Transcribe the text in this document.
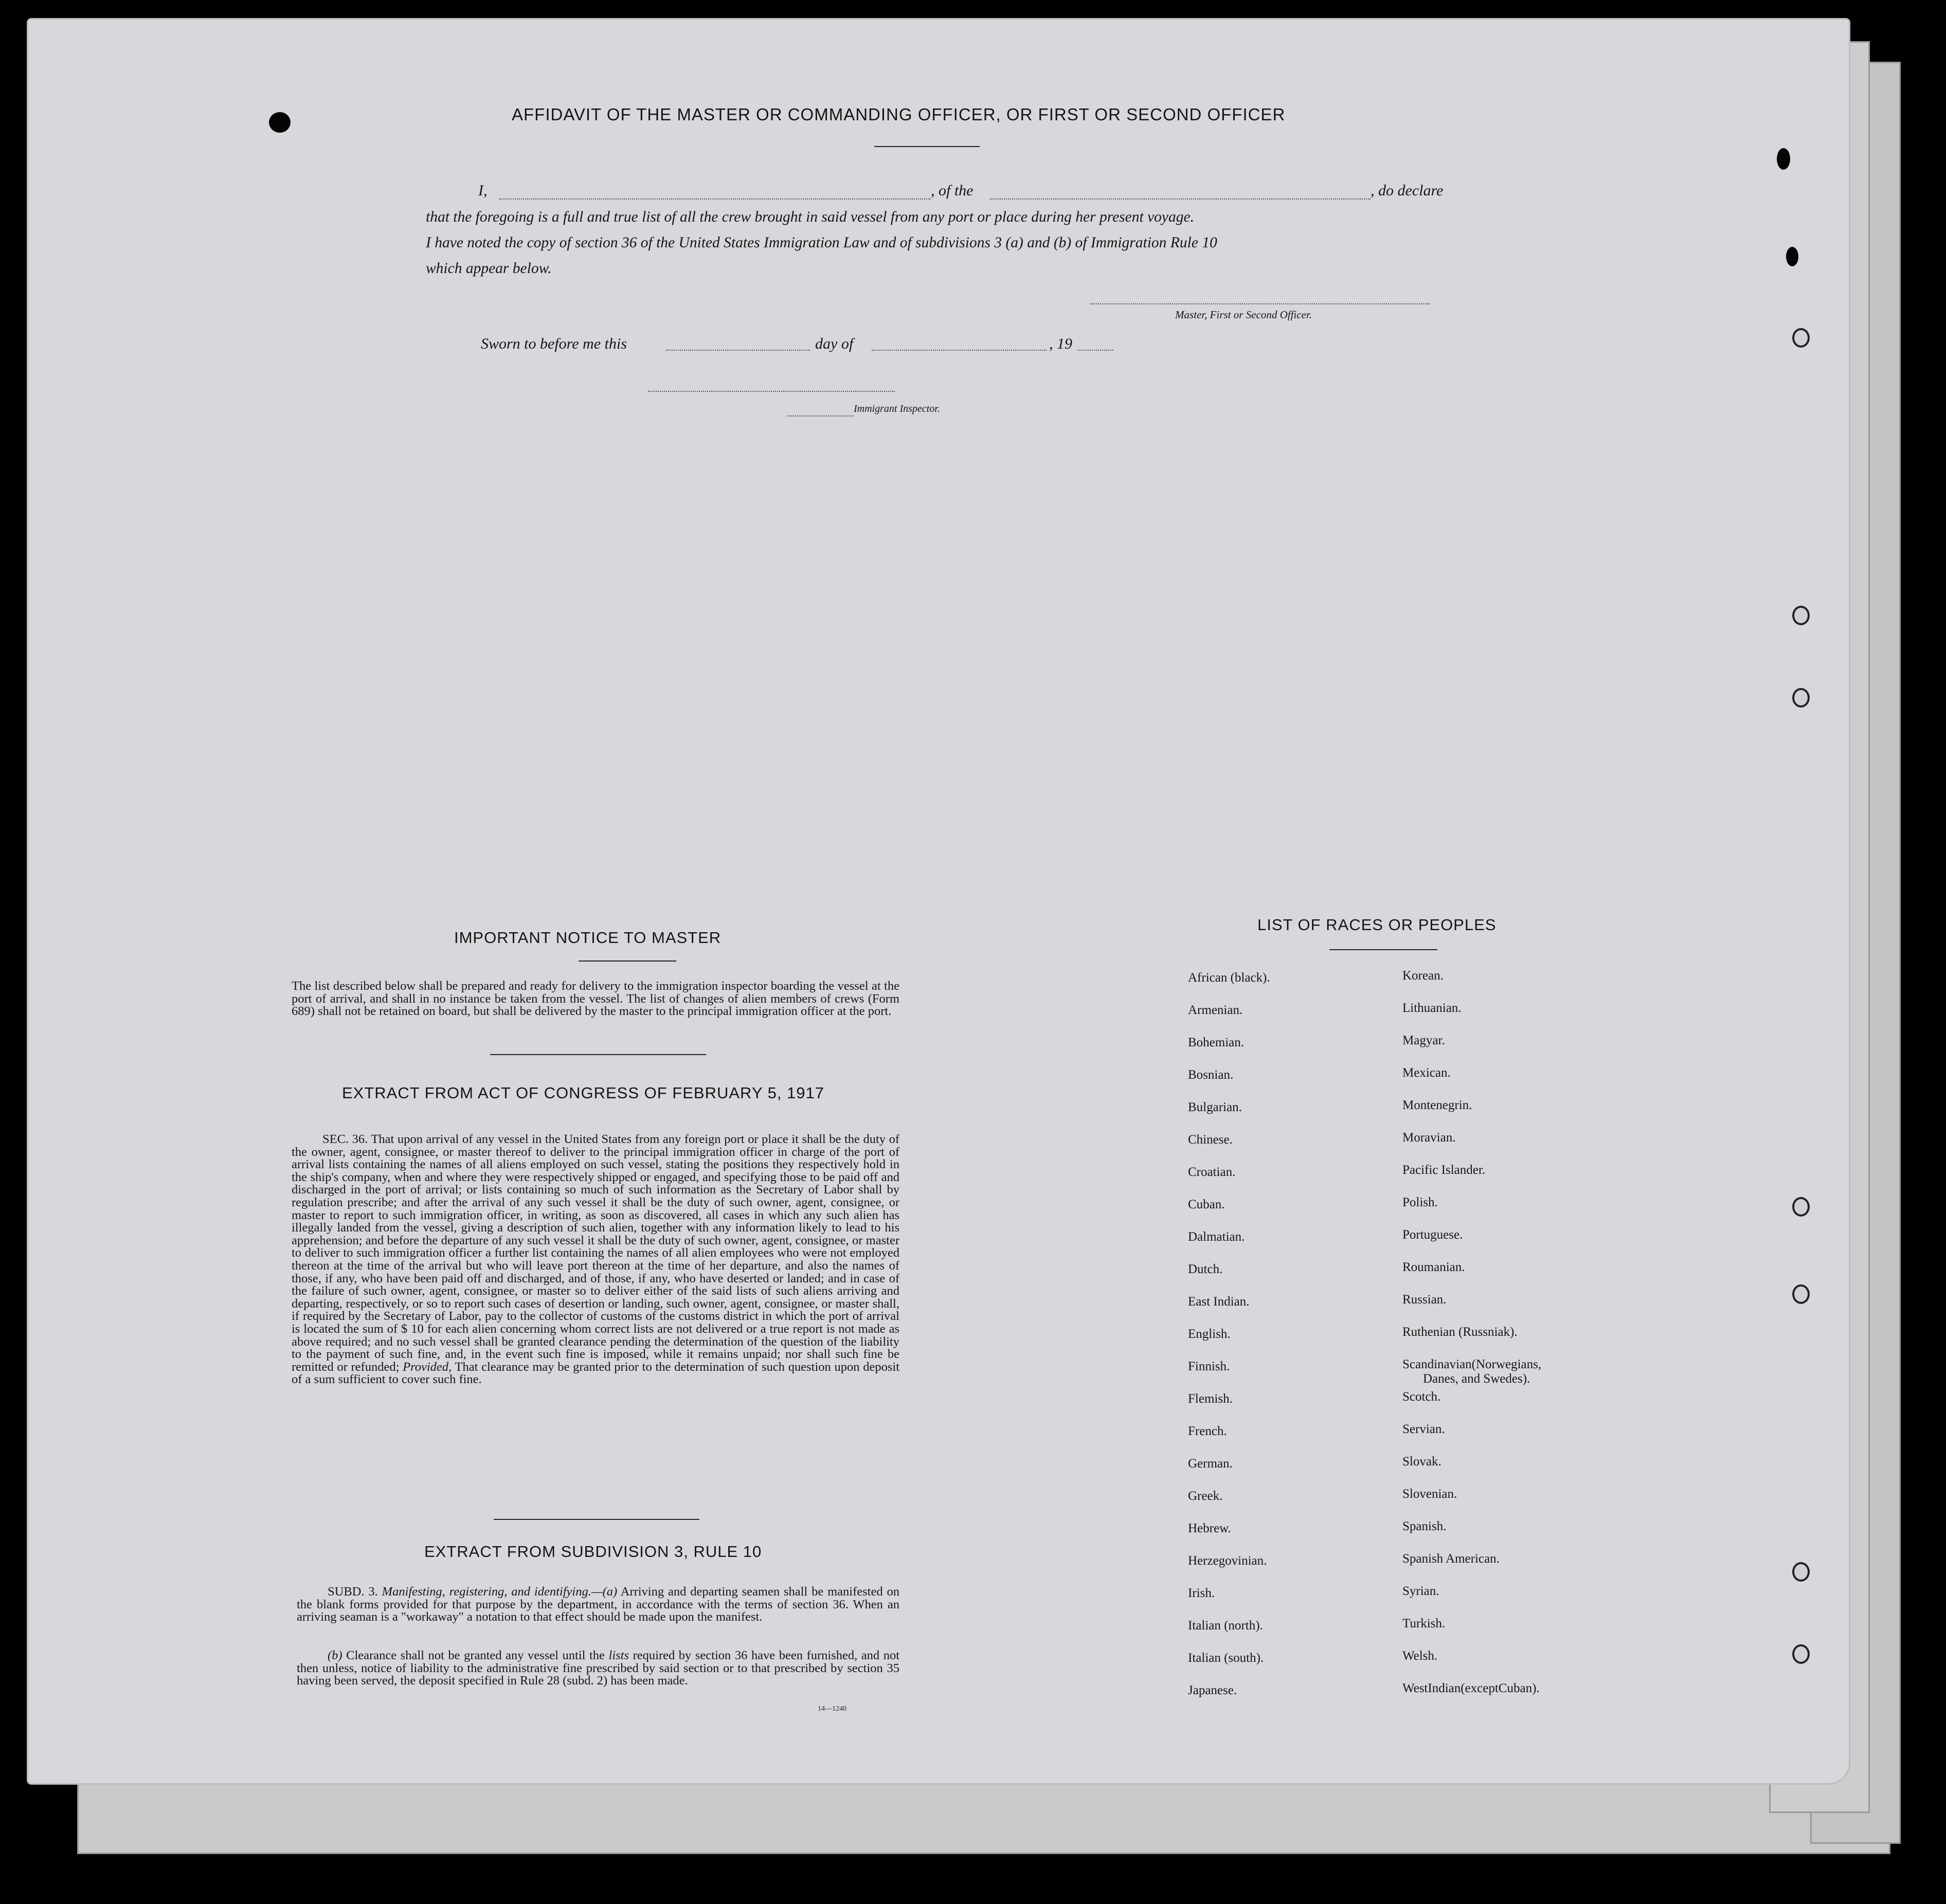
AFFIDAVIT OF THE MASTER OR COMMANDING OFFICER, OR FIRST OR SECOND OFFICER
I,	, of the	, do declare
that the foregoing is a full and true list of all the crew brought in said vessel from any port or place during her present voyage.
I have noted the copy of section 36 of the United States Immigration Law and of subdivisions 3 (a) and (b) of Immigration Rule 10
which appear below.
Master, First or Second Officer.
Sworn to before me this	day of	, 19
Immigrant Inspector.
IMPORTANT NOTICE TO MASTER
The list described below shall be prepared and ready for delivery to the immigration inspector boarding the vessel at the port of arrival, and shall in no instance be taken from the vessel. The list of changes of alien members of crews (Form 689) shall not be retained on board, but shall be delivered by the master to the principal immigration officer at the port.
EXTRACT FROM ACT OF CONGRESS OF FEBRUARY 5, 1917
SEC. 36. That upon arrival of any vessel in the United States from any foreign port or place it shall be the duty of the owner, agent, consignee, or master thereof to deliver to the principal immigration officer in charge of the port of arrival lists containing the names of all aliens employed on such vessel, stating the positions they respectively hold in the ship's company, when and where they were respectively shipped or engaged, and specifying those to be paid off and discharged in the port of arrival; or lists containing so much of such information as the Secretary of Labor shall by regulation prescribe; and after the arrival of any such vessel it shall be the duty of such owner, agent, consignee, or master to report to such immigration officer, in writing, as soon as discovered, all cases in which any such alien has illegally landed from the vessel, giving a description of such alien, together with any information likely to lead to his apprehension; and before the departure of any such vessel it shall be the duty of such owner, agent, consignee, or master to deliver to such immigration officer a further list containing the names of all alien employees who were not employed thereon at the time of the arrival but who will leave port thereon at the time of her departure, and also the names of those, if any, who have been paid off and discharged, and of those, if any, who have deserted or landed; and in case of the failure of such owner, agent, consignee, or master so to deliver either of the said lists of such aliens arriving and departing, respectively, or so to report such cases of desertion or landing, such owner, agent, consignee, or master shall, if required by the Secretary of Labor, pay to the collector of customs of the customs district in which the port of arrival is located the sum of $ 10 for each alien concerning whom correct lists are not delivered or a true report is not made as above required; and no such vessel shall be granted clearance pending the determination of the question of the liability to the payment of such fine, and, in the event such fine is imposed, while it remains unpaid; nor shall such fine be remitted or refunded; Provided, That clearance may be granted prior to the determination of such question upon deposit of a sum sufficient to cover such fine.
EXTRACT FROM SUBDIVISION 3, RULE 10
SUBD. 3. Manifesting, registering, and identifying.—(a) Arriving and departing seamen shall be manifested on the blank forms provided for that purpose by the department, in accordance with the terms of section 36. When an arriving seaman is a "workaway" a notation to that effect should be made upon the manifest.
(b) Clearance shall not be granted any vessel until the lists required by section 36 have been furnished, and not then unless, notice of liability to the administrative fine prescribed by said section or to that prescribed by section 35 having been served, the deposit specified in Rule 28 (subd. 2) has been made.
14—1240
LIST OF RACES OR PEOPLES
African (black).
Armenian.
Bohemian.
Bosnian.
Bulgarian.
Chinese.
Croatian.
Cuban.
Dalmatian.
Dutch.
East Indian.
English.
Finnish.
Flemish.
French.
German.
Greek.
Hebrew.
Herzegovinian.
Irish.
Italian (north).
Italian (south).
Japanese.
Korean.
Lithuanian.
Magyar.
Mexican.
Montenegrin.
Moravian.
Pacific Islander.
Polish.
Portuguese.
Roumanian.
Russian.
Ruthenian (Russniak).
Scandinavian(Norwegians,
Danes, and Swedes).
Scotch.
Servian.
Slovak.
Slovenian.
Spanish.
Spanish American.
Syrian.
Turkish.
Welsh.
WestIndian(exceptCuban).
